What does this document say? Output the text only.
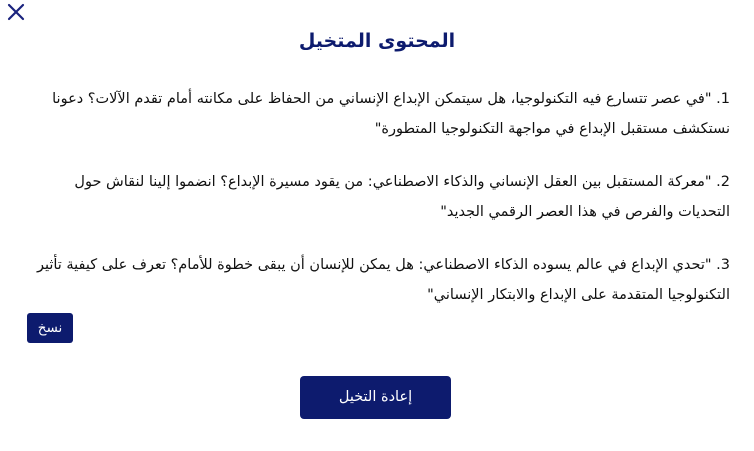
المحتوى المتخيل
1. "في عصر تتسارع فيه التكنولوجيا، هل سيتمكن الإبداع الإنساني من الحفاظ على مكانته أمام تقدم الآلات؟ دعونا نستكشف مستقبل الإبداع في مواجهة التكنولوجيا المتطورة"
2. "معركة المستقبل بين العقل الإنساني والذكاء الاصطناعي: من يقود مسيرة الإبداع؟ انضموا إلينا لنقاش حول التحديات والفرص في هذا العصر الرقمي الجديد"
3. "تحدي الإبداع في عالم يسوده الذكاء الاصطناعي: هل يمكن للإنسان أن يبقى خطوة للأمام؟ تعرف على كيفية تأثير التكنولوجيا المتقدمة على الإبداع والابتكار الإنساني"
نسخ
إعادة التخيل
